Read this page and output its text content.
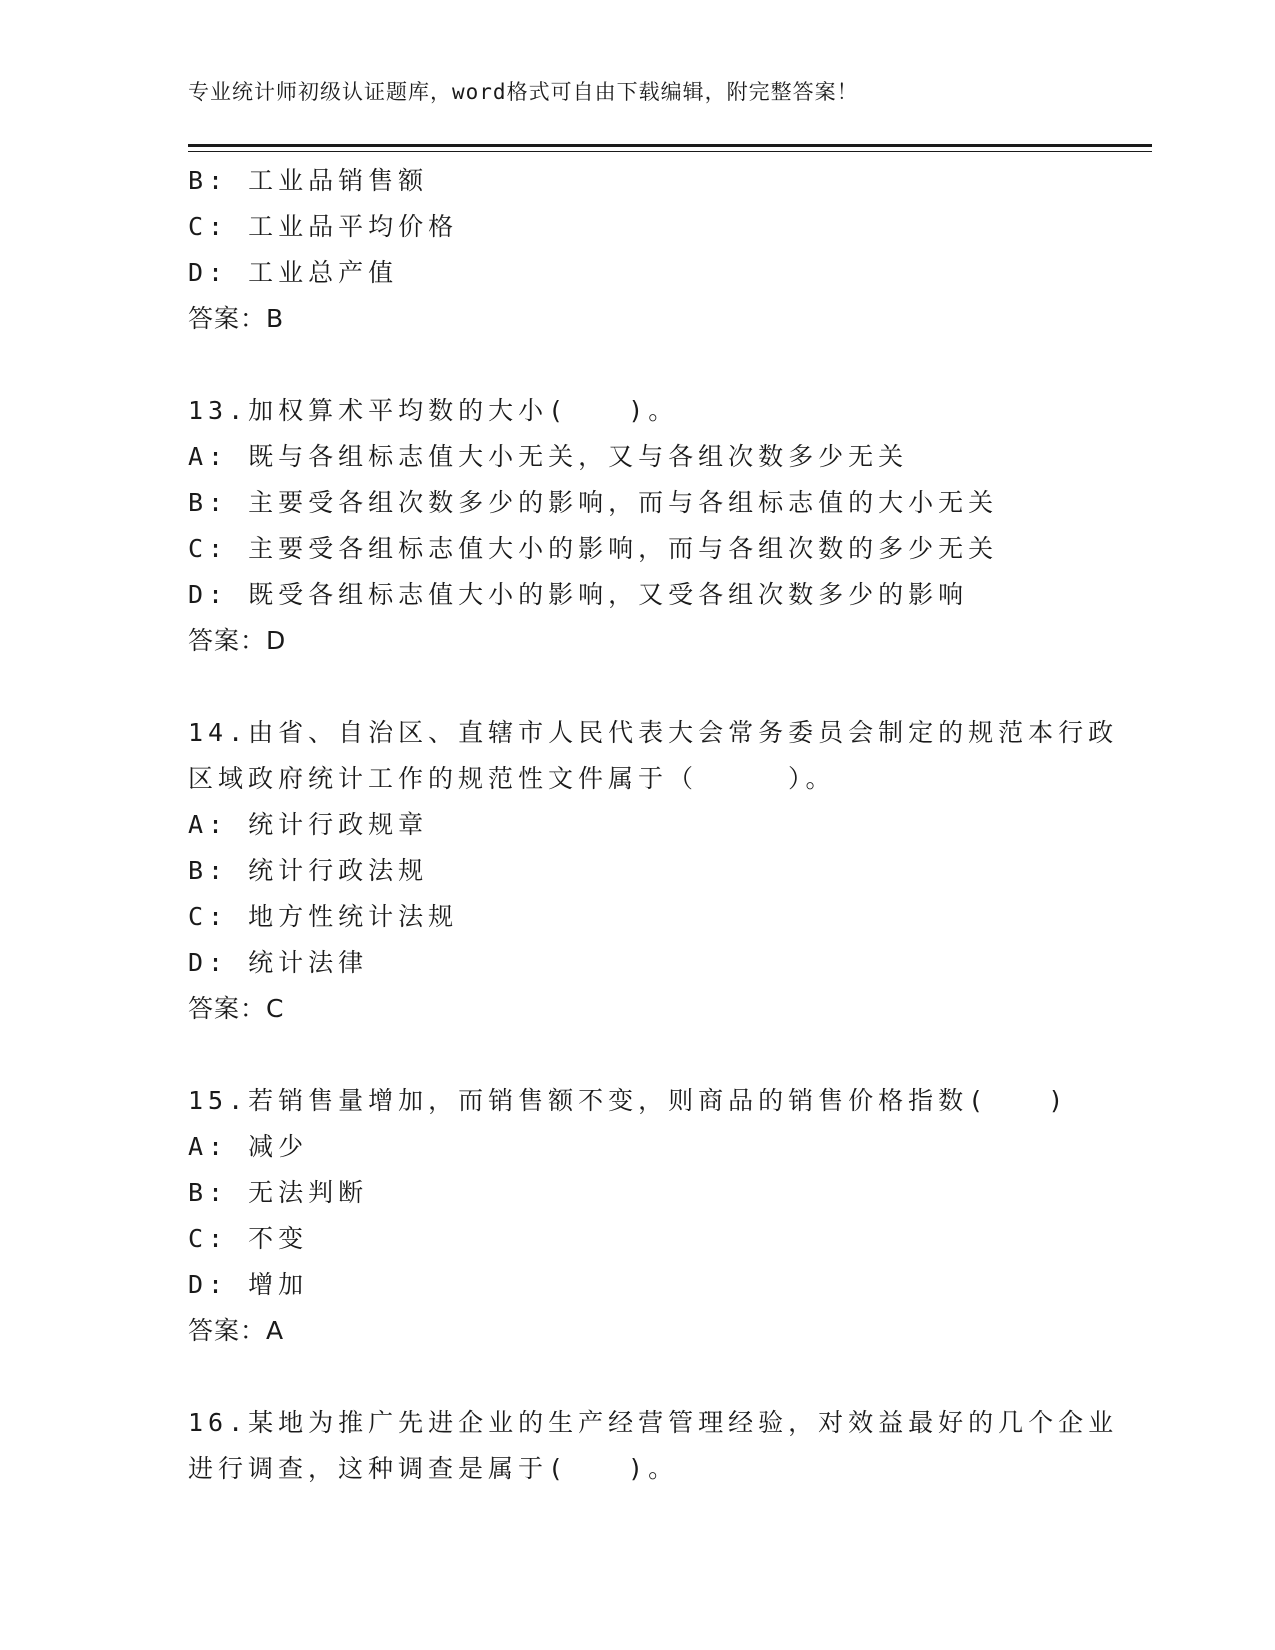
专业统计师初级认证题库，word格式可自由下载编辑，附完整答案！
B: 工业品销售额
C: 工业品平均价格
D: 工业总产值
答案：B
13.加权算术平均数的大小(　　)。
A: 既与各组标志值大小无关，又与各组次数多少无关
B: 主要受各组次数多少的影响，而与各组标志值的大小无关
C: 主要受各组标志值大小的影响，而与各组次数的多少无关
D: 既受各组标志值大小的影响，又受各组次数多少的影响
答案：D
14.由省、自治区、直辖市人民代表大会常务委员会制定的规范本行政
区域政府统计工作的规范性文件属于（　　　）。
A: 统计行政规章
B: 统计行政法规
C: 地方性统计法规
D: 统计法律
答案：C
15.若销售量增加，而销售额不变，则商品的销售价格指数(　　)
A: 减少
B: 无法判断
C: 不变
D: 增加
答案：A
16.某地为推广先进企业的生产经营管理经验，对效益最好的几个企业
进行调查，这种调查是属于(　　)。
